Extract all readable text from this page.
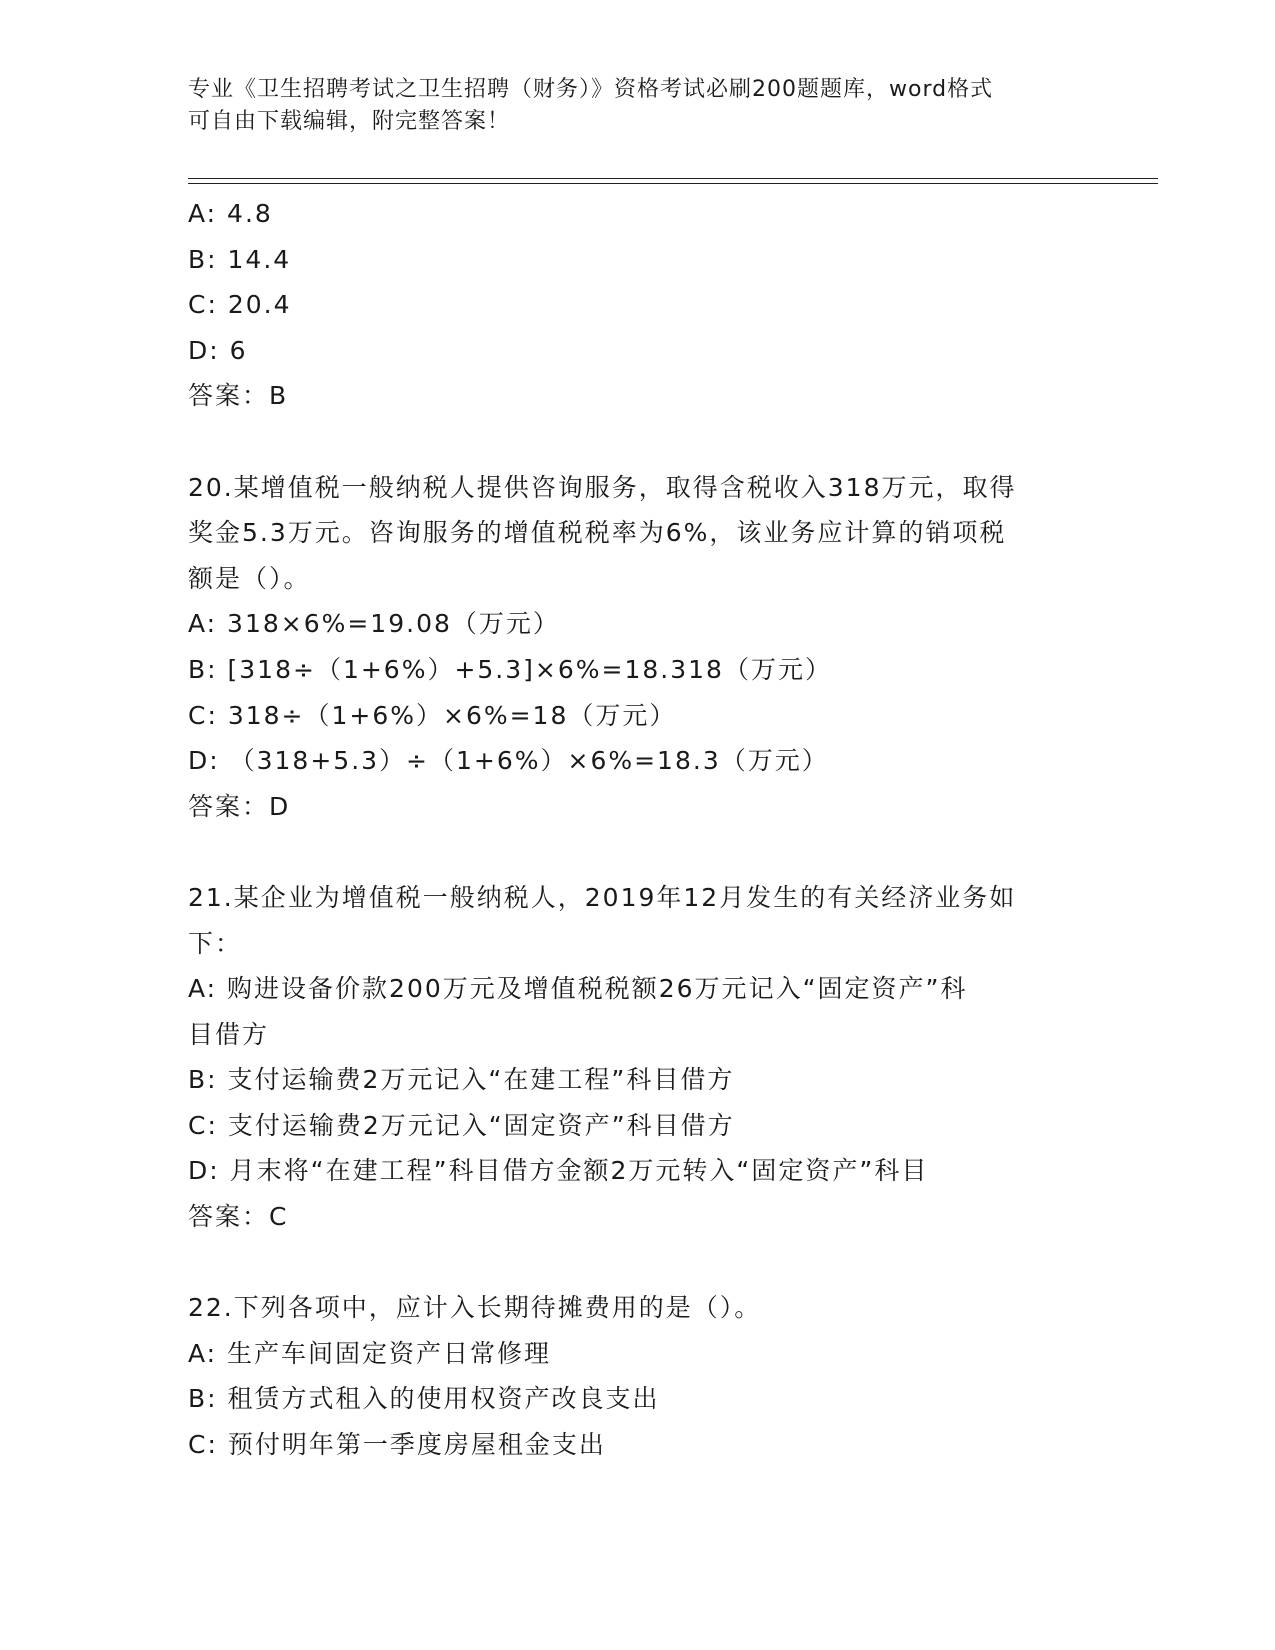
专业《卫生招聘考试之卫生招聘（财务）》资格考试必刷200题题库，word格式
可自由下载编辑，附完整答案！
A: 4.8
B: 14.4
C: 20.4
D: 6
答案：B
20.某增值税一般纳税人提供咨询服务，取得含税收入318万元，取得
奖金5.3万元。咨询服务的增值税税率为6%，该业务应计算的销项税
额是（）。
A: 318×6%=19.08（万元）
B: [318÷（1+6%）+5.3]×6%=18.318（万元）
C: 318÷（1+6%）×6%=18（万元）
D: （318+5.3）÷（1+6%）×6%=18.3（万元）
答案：D
21.某企业为增值税一般纳税人，2019年12月发生的有关经济业务如
下：
A: 购进设备价款200万元及增值税税额26万元记入“固定资产”科
目借方
B: 支付运输费2万元记入“在建工程”科目借方
C: 支付运输费2万元记入“固定资产”科目借方
D: 月末将“在建工程”科目借方金额2万元转入“固定资产”科目
答案：C
22.下列各项中，应计入长期待摊费用的是（）。
A: 生产车间固定资产日常修理
B: 租赁方式租入的使用权资产改良支出
C: 预付明年第一季度房屋租金支出
